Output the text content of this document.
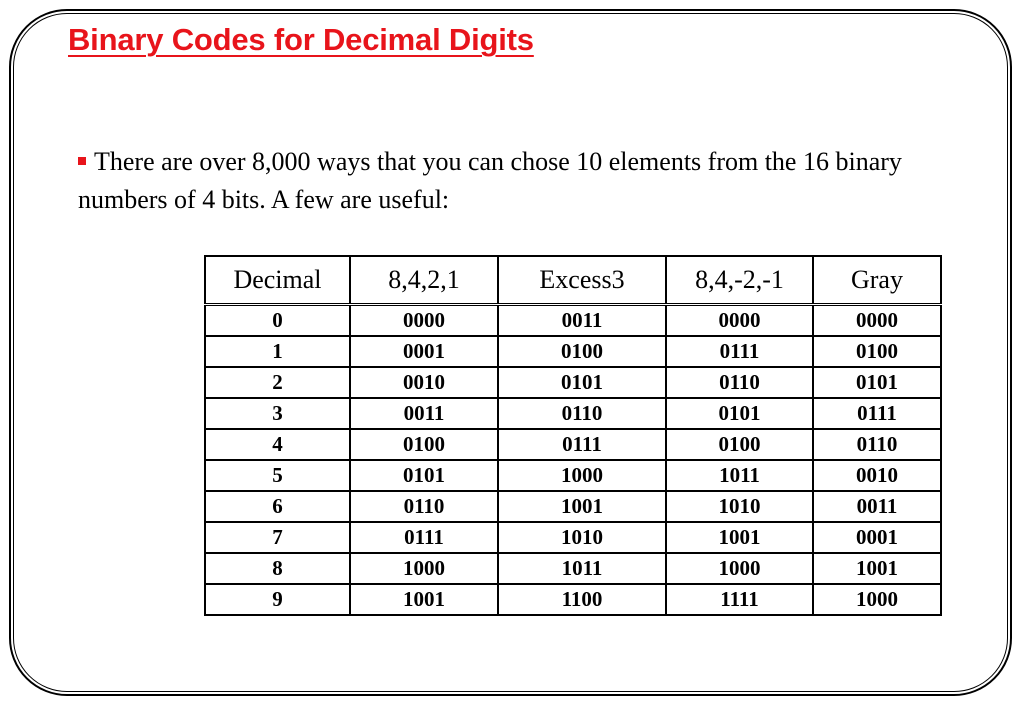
Binary Codes for Decimal Digits
There are over 8,000 ways that you can chose 10 elements from the 16 binary numbers of 4 bits. A few are useful:
Decimal	8,4,2,1	Excess3	8,4,-2,-1	Gray
0	0000	0011	0000	0000
1	0001	0100	0111	0100
2	0010	0101	0110	0101
3	0011	0110	0101	0111
4	0100	0111	0100	0110
5	0101	1000	1011	0010
6	0110	1001	1010	0011
7	0111	1010	1001	0001
8	1000	1011	1000	1001
9	1001	1100	1111	1000
